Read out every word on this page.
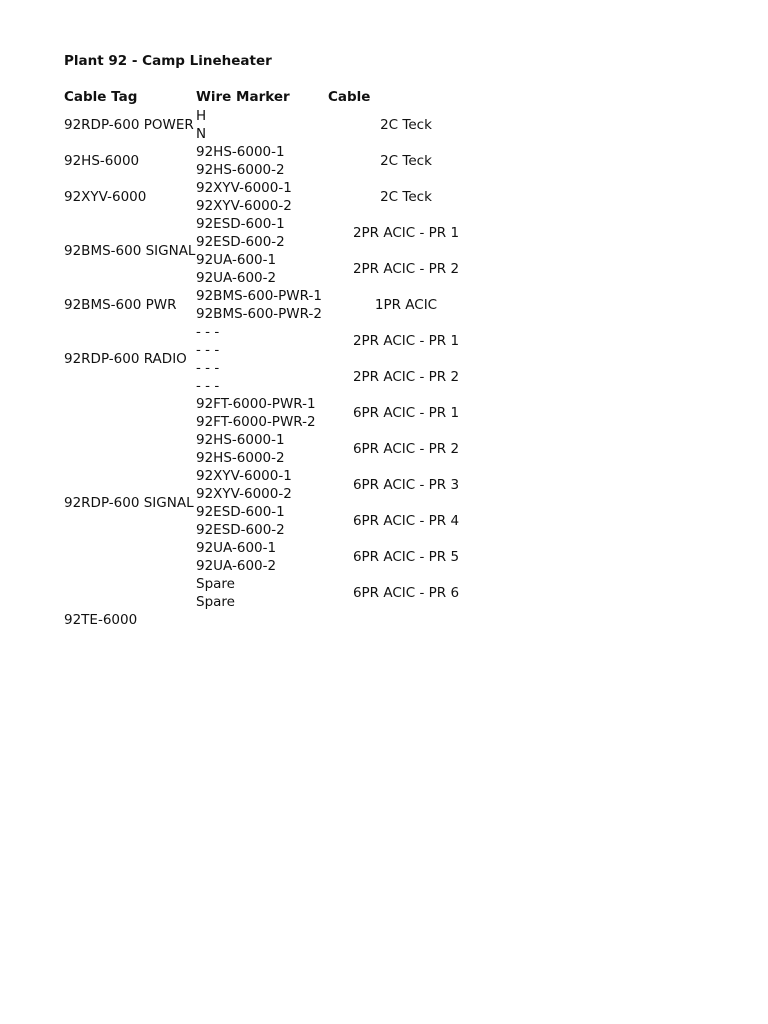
Plant 92 - Camp Lineheater
Cable Tag	Wire Marker	Cable
92RDP-600 POWER
92HS-6000
92XYV-6000
92BMS-600 SIGNAL
92BMS-600 PWR
92RDP-600 RADIO
92RDP-600 SIGNAL
92TE-6000
H
N
92HS-6000-1
92HS-6000-2
92XYV-6000-1
92XYV-6000-2
92ESD-600-1
92ESD-600-2
92UA-600-1
92UA-600-2
92BMS-600-PWR-1
92BMS-600-PWR-2
- - -
- - -
- - -
- - -
92FT-6000-PWR-1
92FT-6000-PWR-2
92HS-6000-1
92HS-6000-2
92XYV-6000-1
92XYV-6000-2
92ESD-600-1
92ESD-600-2
92UA-600-1
92UA-600-2
Spare
Spare
2C Teck
2C Teck
2C Teck
2PR ACIC - PR 1
2PR ACIC - PR 2
1PR ACIC
2PR ACIC - PR 1
2PR ACIC - PR 2
6PR ACIC - PR 1
6PR ACIC - PR 2
6PR ACIC - PR 3
6PR ACIC - PR 4
6PR ACIC - PR 5
6PR ACIC - PR 6
